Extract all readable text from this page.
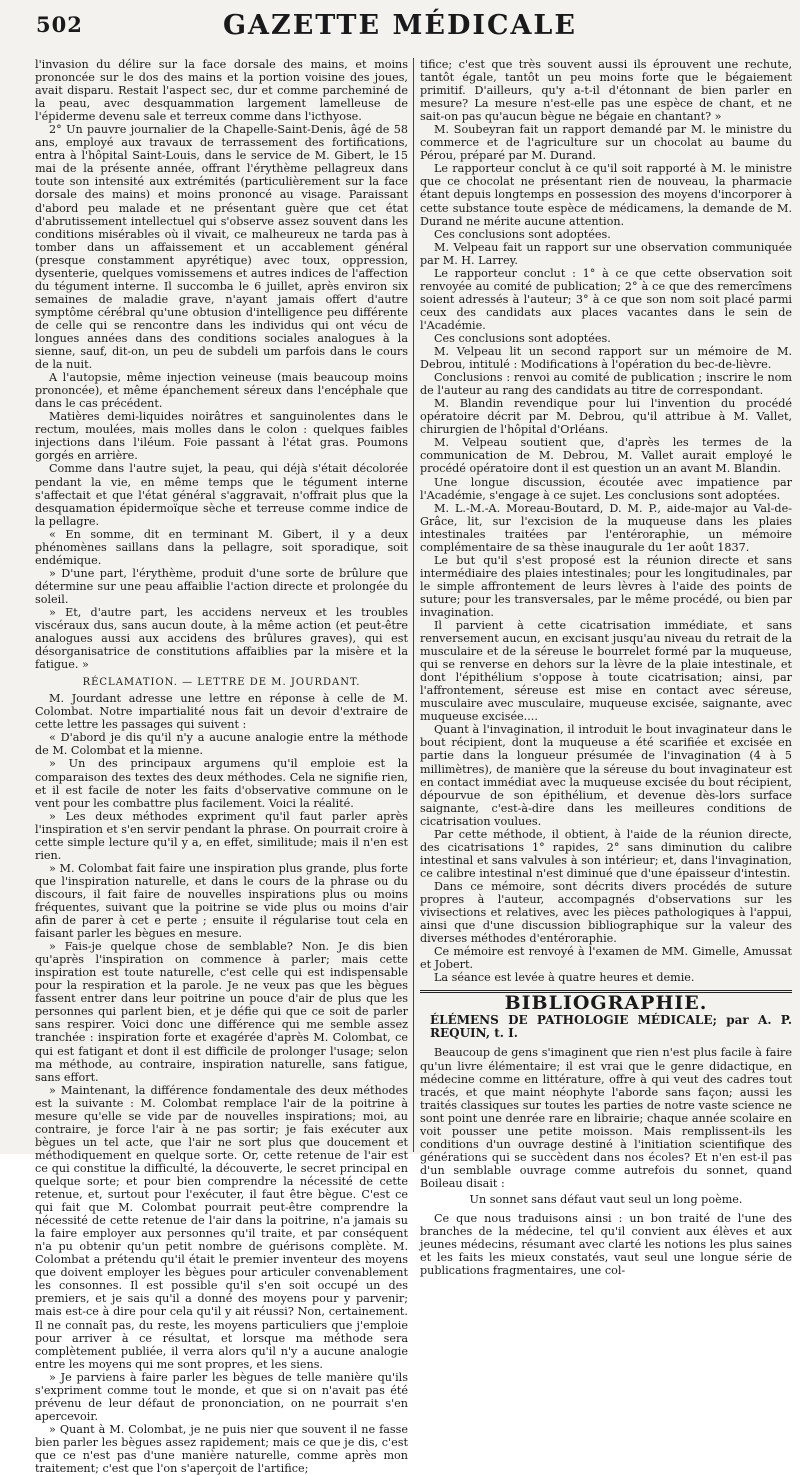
502	GAZETTE MÉDICALE

l'invasion du délire sur la face dorsale des mains, et moins prononcée sur le dos des mains et la portion voisine des joues, avait disparu. Restait l'aspect sec, dur et comme parcheminé de la peau, avec desquammation largement lamelleuse de l'épiderme devenu sale et terreux comme dans l'icthyose.

2° Un pauvre journalier de la Chapelle-Saint-Denis, âgé de 58 ans, employé aux travaux de terrassement des fortifications, entra à l'hôpital Saint-Louis, dans le service de M. Gibert, le 15 mai de la présente année, offrant l'érythème pellagreux dans toute son intensité aux extrémités (particulièrement sur la face dorsale des mains) et moins prononcé au visage. Paraissant d'abord peu malade et ne présentant guère que cet état d'abrutissement intellectuel qui s'observe assez souvent dans les conditions misérables où il vivait, ce malheureux ne tarda pas à tomber dans un affaissement et un accablement général (presque constamment apyrétique) avec toux, oppression, dysenterie, quelques vomissemens et autres indices de l'affection du tégument interne. Il succomba le 6 juillet, après environ six semaines de maladie grave, n'ayant jamais offert d'autre symptôme cérébral qu'une obtusion d'intelligence peu différente de celle qui se rencontre dans les individus qui ont vécu de longues années dans des conditions sociales analogues à la sienne, sauf, dit-on, un peu de subdeli um parfois dans le cours de la nuit.

A l'autopsie, même injection veineuse (mais beaucoup moins prononcée), et même épanchement séreux dans l'encéphale que dans le cas précédent.

Matières demi-liquides noirâtres et sanguinolentes dans le rectum, moulées, mais molles dans le colon : quelques faibles injections dans l'iléum. Foie passant à l'état gras. Poumons gorgés en arrière.

Comme dans l'autre sujet, la peau, qui déjà s'était décolorée pendant la vie, en même temps que le tégument interne s'affectait et que l'état général s'aggravait, n'offrait plus que la desquamation épidermoïque sèche et terreuse comme indice de la pellagre.

« En somme, dit en terminant M. Gibert, il y a deux phénomènes saillans dans la pellagre, soit sporadique, soit endémique.

» D'une part, l'érythème, produit d'une sorte de brûlure que détermine sur une peau affaiblie l'action directe et prolongée du soleil.

» Et, d'autre part, les accidens nerveux et les troubles viscéraux dus, sans aucun doute, à la même action (et peut-être analogues aussi aux accidens des brûlures graves), qui est désorganisatrice de constitutions affaiblies par la misère et la fatigue. »

RÉCLAMATION. — LETTRE DE M. JOURDANT.

M. Jourdant adresse une lettre en réponse à celle de M. Colombat. Notre impartialité nous fait un devoir d'extraire de cette lettre les passages qui suivent :

« D'abord je dis qu'il n'y a aucune analogie entre la méthode de M. Colombat et la mienne.

» Un des principaux argumens qu'il emploie est la comparaison des textes des deux méthodes. Cela ne signifie rien, et il est facile de noter les faits d'observative commune on le vent pour les combattre plus facilement. Voici la réalité.

» Les deux méthodes expriment qu'il faut parler après l'inspiration et s'en servir pendant la phrase. On pourrait croire à cette simple lecture qu'il y a, en effet, similitude; mais il n'en est rien.

» M. Colombat fait faire une inspiration plus grande, plus forte que l'inspiration naturelle, et dans le cours de la phrase ou du discours, il fait faire de nouvelles inspirations plus ou moins fréquentes, suivant que la poitrine se vide plus ou moins d'air afin de parer à cet e perte ; ensuite il régularise tout cela en faisant parler les bègues en mesure.

» Fais-je quelque chose de semblable? Non. Je dis bien qu'après l'inspiration on commence à parler; mais cette inspiration est toute naturelle, c'est celle qui est indispensable pour la respiration et la parole. Je ne veux pas que les bègues fassent entrer dans leur poitrine un pouce d'air de plus que les personnes qui parlent bien, et je défie qui que ce soit de parler sans respirer. Voici donc une différence qui me semble assez tranchée : inspiration forte et exagérée d'après M. Colombat, ce qui est fatigant et dont il est difficile de prolonger l'usage; selon ma méthode, au contraire, inspiration naturelle, sans fatigue, sans effort.

» Maintenant, la différence fondamentale des deux méthodes est la suivante : M. Colombat remplace l'air de la poitrine à mesure qu'elle se vide par de nouvelles inspirations; moi, au contraire, je force l'air à ne pas sortir; je fais exécuter aux bègues un tel acte, que l'air ne sort plus que doucement et méthodiquement en quelque sorte. Or, cette retenue de l'air est ce qui constitue la difficulté, la découverte, le secret principal en quelque sorte; et pour bien comprendre la nécessité de cette retenue, et, surtout pour l'exécuter, il faut être bègue. C'est ce qui fait que M. Colombat pourrait peut-être comprendre la nécessité de cette retenue de l'air dans la poitrine, n'a jamais su la faire employer aux personnes qu'il traite, et par conséquent n'a pu obtenir qu'un petit nombre de guérisons complète. M. Colombat a prétendu qu'il était le premier inventeur des moyens que doivent employer les bègues pour articuler convenablement les consonnes. Il est possible qu'il s'en soit occupé un des premiers, et je sais qu'il a donné des moyens pour y parvenir; mais est-ce à dire pour cela qu'il y ait réussi? Non, certainement. Il ne connaît pas, du reste, les moyens particuliers que j'emploie pour arriver à ce résultat, et lorsque ma méthode sera complètement publiée, il verra alors qu'il n'y a aucune analogie entre les moyens qui me sont propres, et les siens.

» Je parviens à faire parler les bègues de telle manière qu'ils s'expriment comme tout le monde, et que si on n'avait pas été prévenu de leur défaut de prononciation, on ne pourrait s'en apercevoir.

» Quant à M. Colombat, je ne puis nier que souvent il ne fasse bien parler les bègues assez rapidement; mais ce que je dis, c'est que ce n'est pas d'une manière naturelle, comme après mon traitement; c'est que l'on s'aperçoit de l'artifice;

tifice; c'est que très souvent aussi ils éprouvent une rechute, tantôt égale, tantôt un peu moins forte que le bégaiement primitif. D'ailleurs, qu'y a-t-il d'étonnant de bien parler en mesure? La mesure n'est-elle pas une espèce de chant, et ne sait-on pas qu'aucun bègue ne bégaie en chantant? »

M. Soubeyran fait un rapport demandé par M. le ministre du commerce et de l'agriculture sur un chocolat au baume du Pérou, préparé par M. Durand.

Le rapporteur conclut à ce qu'il soit rapporté à M. le ministre que ce chocolat ne présentant rien de nouveau, la pharmacie étant depuis longtemps en possession des moyens d'incorporer à cette substance toute espèce de médicamens, la demande de M. Durand ne mérite aucune attention.

Ces conclusions sont adoptées.

M. Velpeau fait un rapport sur une observation communiquée par M. H. Larrey.

Le rapporteur conclut : 1° à ce que cette observation soit renvoyée au comité de publication; 2° à ce que des remercîmens soient adressés à l'auteur; 3° à ce que son nom soit placé parmi ceux des candidats aux places vacantes dans le sein de l'Académie.

Ces conclusions sont adoptées.

M. Velpeau lit un second rapport sur un mémoire de M. Debrou, intitulé : Modifications à l'opération du bec-de-lièvre.

Conclusions : renvoi au comité de publication ; inscrire le nom de l'auteur au rang des candidats au titre de correspondant.

M. Blandin revendique pour lui l'invention du procédé opératoire décrit par M. Debrou, qu'il attribue à M. Vallet, chirurgien de l'hôpital d'Orléans.

M. Velpeau soutient que, d'après les termes de la communication de M. Debrou, M. Vallet aurait employé le procédé opératoire dont il est question un an avant M. Blandin.

Une longue discussion, écoutée avec impatience par l'Académie, s'engage à ce sujet. Les conclusions sont adoptées.

M. L.-M.-A. Moreau-Boutard, D. M. P., aide-major au Val-de-Grâce, lit, sur l'excision de la muqueuse dans les plaies intestinales traitées par l'entéroraphie, un mémoire complémentaire de sa thèse inaugurale du 1er août 1837.

Le but qu'il s'est proposé est la réunion directe et sans intermédiaire des plaies intestinales; pour les longitudinales, par le simple affrontement de leurs lèvres à l'aide des points de suture; pour les transversales, par le même procédé, ou bien par invagination.

Il parvient à cette cicatrisation immédiate, et sans renversement aucun, en excisant jusqu'au niveau du retrait de la musculaire et de la séreuse le bourrelet formé par la muqueuse, qui se renverse en dehors sur la lèvre de la plaie intestinale, et dont l'épithélium s'oppose à toute cicatrisation; ainsi, par l'affrontement, séreuse est mise en contact avec séreuse, musculaire avec musculaire, muqueuse excisée, saignante, avec muqueuse excisée....

Quant à l'invagination, il introduit le bout invaginateur dans le bout récipient, dont la muqueuse a été scarifiée et excisée en partie dans la longueur présumée de l'invagination (4 à 5 millimètres), de manière que la séreuse du bout invaginateur est en contact immédiat avec la muqueuse excisée du bout récipient, dépourvue de son épithélium, et devenue dès-lors surface saignante, c'est-à-dire dans les meilleures conditions de cicatrisation voulues.

Par cette méthode, il obtient, à l'aide de la réunion directe, des cicatrisations 1° rapides, 2° sans diminution du calibre intestinal et sans valvules à son intérieur; et, dans l'invagination, ce calibre intestinal n'est diminué que d'une épaisseur d'intestin.

Dans ce mémoire, sont décrits divers procédés de suture propres à l'auteur, accompagnés d'observations sur les vivisections et relatives, avec les pièces pathologiques à l'appui, ainsi que d'une discussion bibliographique sur la valeur des diverses méthodes d'entéroraphie.

Ce mémoire est renvoyé à l'examen de MM. Gimelle, Amussat et Jobert.

La séance est levée à quatre heures et demie.

BIBLIOGRAPHIE.

ÉLÉMENS DE PATHOLOGIE MÉDICALE; par A. P. REQUIN, t. I.

Beaucoup de gens s'imaginent que rien n'est plus facile à faire qu'un livre élémentaire; il est vrai que le genre didactique, en médecine comme en littérature, offre à qui veut des cadres tout tracés, et que maint néophyte l'aborde sans façon; aussi les traités classiques sur toutes les parties de notre vaste science ne sont point une denrée rare en librairie; chaque année scolaire en voit pousser une petite moisson. Mais remplissent-ils les conditions d'un ouvrage destiné à l'initiation scientifique des générations qui se succèdent dans nos écoles? Et n'en est-il pas d'un semblable ouvrage comme autrefois du sonnet, quand Boileau disait :

Un sonnet sans défaut vaut seul un long poème.

Ce que nous traduisons ainsi : un bon traité de l'une des branches de la médecine, tel qu'il convient aux élèves et aux jeunes médecins, résumant avec clarté les notions les plus saines et les faits les mieux constatés, vaut seul une longue série de publications fragmentaires, une col-
